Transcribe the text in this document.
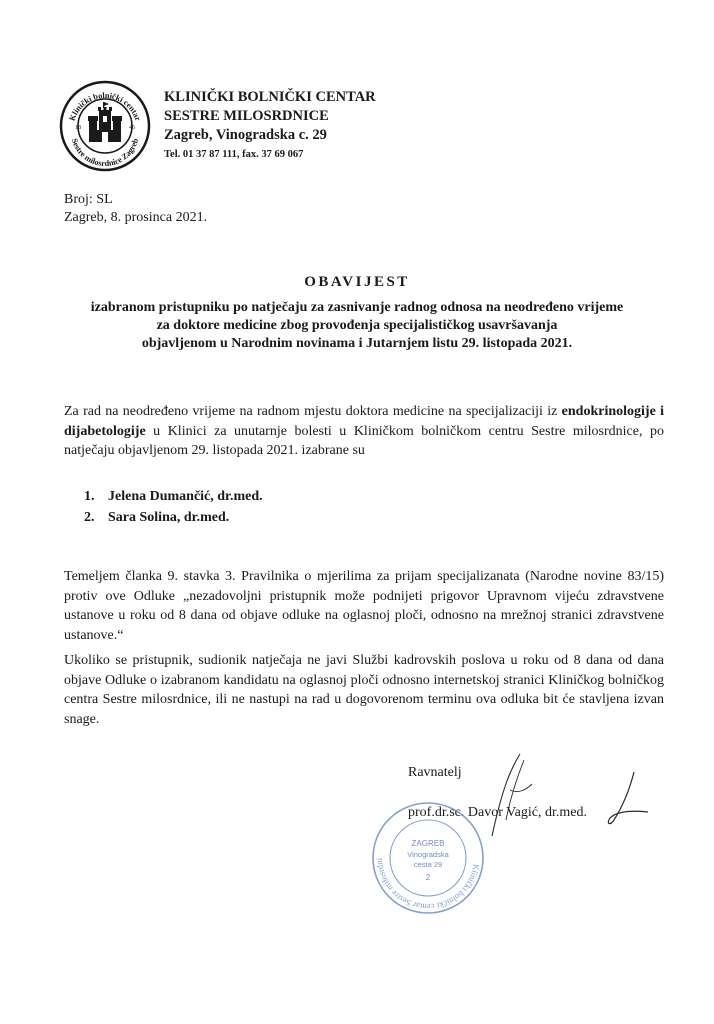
Klinički bolnički centar
Sestre milosrdnice Zagreb
18	46
KLINIČKI BOLNIČKI CENTAR
SESTRE MILOSRDNICE
Zagreb, Vinogradska c. 29
Tel. 01 37 87 111, fax. 37 69 067
Broj: SL
Zagreb, 8. prosinca 2021.
OBAVIJEST
izabranom pristupniku po natječaju za zasnivanje radnog odnosa na neodređeno vrijeme
za doktore medicine zbog provođenja specijalističkog usavršavanja
objavljenom u Narodnim novinama i Jutarnjem listu 29. listopada 2021.
Za rad na neodređeno vrijeme na radnom mjestu doktora medicine na specijalizaciji iz endokrinologije i dijabetologije u Klinici za unutarnje bolesti u Kliničkom bolničkom centru Sestre milosrdnice, po natječaju objavljenom 29. listopada 2021. izabrane su
1. Jelena Dumančić, dr.med.
2. Sara Solina, dr.med.
Temeljem članka 9. stavka 3. Pravilnika o mjerilima za prijam specijalizanata (Narodne novine 83/15) protiv ove Odluke „nezadovoljni pristupnik može podnijeti prigovor Upravnom vijeću zdravstvene ustanove u roku od 8 dana od objave odluke na oglasnoj ploči, odnosno na mrežnoj stranici zdravstvene ustanove.“
Ukoliko se pristupnik, sudionik natječaja ne javi Službi kadrovskih poslova u roku od 8 dana od dana objave Odluke o izabranom kandidatu na oglasnoj ploči odnosno internetskoj stranici Kliničkog bolničkog centra Sestre milosrdnice, ili ne nastupi na rad u dogovorenom terminu ova odluka bit će stavljena izvan snage.
Ravnatelj
prof.dr.sc. Davor Vagić, dr.med.
Klinički bolnički centar Sestre milosrdni
ZAGREB
Vinogradska
cesta 29
2
